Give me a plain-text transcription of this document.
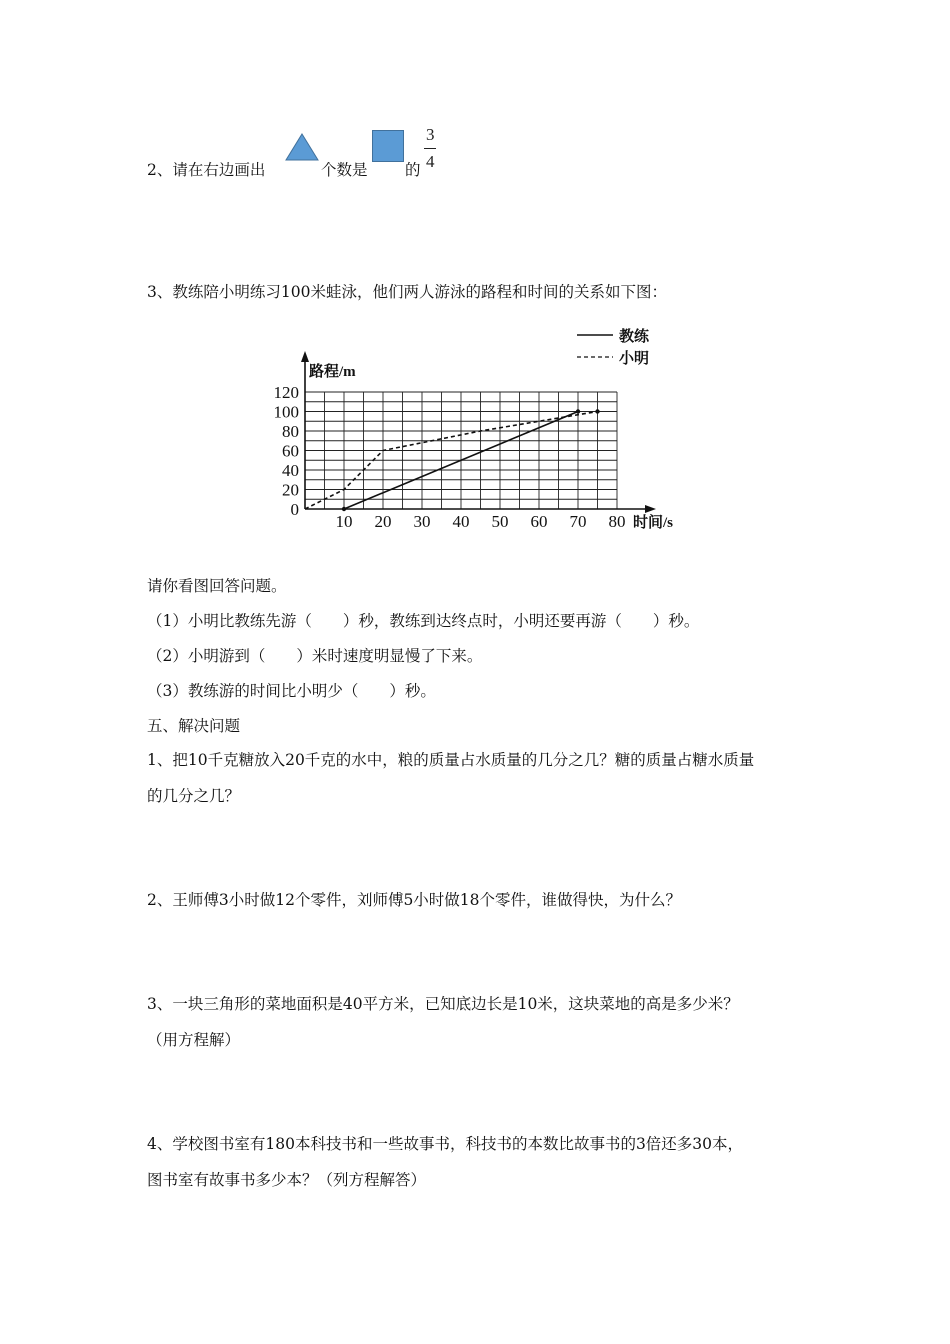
2、请在右边画出	个数是 的
3
4
3、教练陪小明练习100米蛙泳，他们两人游泳的路程和时间的关系如下图：
教练
小明
10 20 30 40 50 60 70 80
0
20
40
60
80
100
120
路程/m
时间/s
请你看图回答问题。
（1）小明比教练先游（　　）秒，教练到达终点时，小明还要再游（　　）秒。
（2）小明游到（　　）米时速度明显慢了下来。
（3）教练游的时间比小明少（　　）秒。
五、解决问题
1、把10千克糖放入20千克的水中，粮的质量占水质量的几分之几？糖的质量占糖水质量
的几分之几？
2、王师傅3小时做12个零件，刘师傅5小时做18个零件，谁做得快，为什么？
3、一块三角形的菜地面积是40平方米，已知底边长是10米，这块菜地的高是多少米？
（用方程解）
4、学校图书室有180本科技书和一些故事书，科技书的本数比故事书的3倍还多30本，
图书室有故事书多少本？（列方程解答）
